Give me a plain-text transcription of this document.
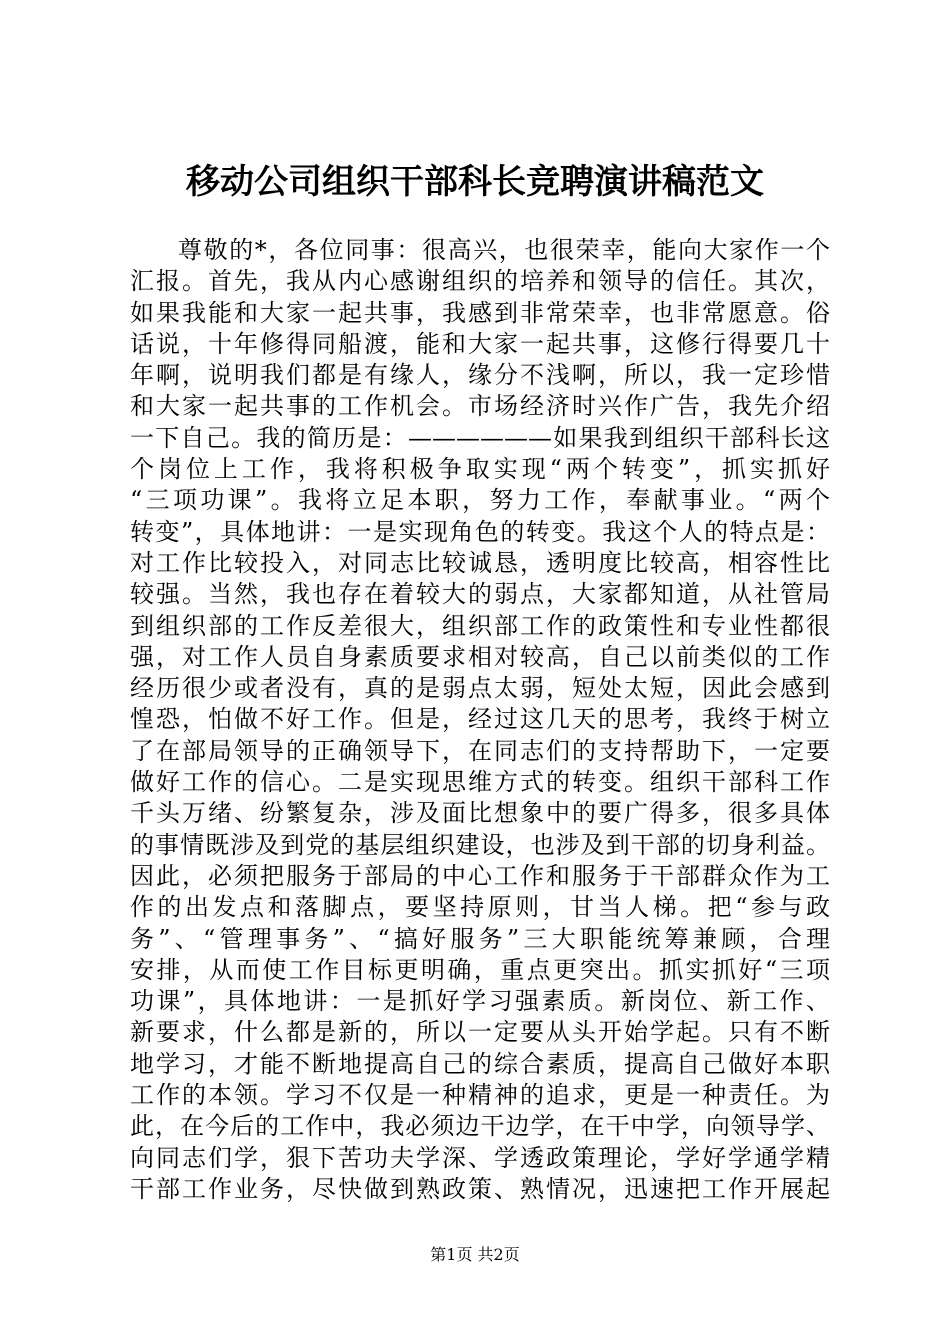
移动公司组织干部科长竞聘演讲稿范文
尊敬的*，各位同事：很高兴，也很荣幸，能向大家作一个
汇报。首先，我从内心感谢组织的培养和领导的信任。其次，
如果我能和大家一起共事，我感到非常荣幸，也非常愿意。俗
话说，十年修得同船渡，能和大家一起共事，这修行得要几十
年啊，说明我们都是有缘人，缘分不浅啊，所以，我一定珍惜
和大家一起共事的工作机会。市场经济时兴作广告，我先介绍
一下自己。我的简历是：——————如果我到组织干部科长这
个岗位上工作，我将积极争取实现“两个转变”，抓实抓好
“三项功课”。我将立足本职，努力工作，奉献事业。“两个
转变”，具体地讲：一是实现角色的转变。我这个人的特点是：
对工作比较投入，对同志比较诚恳，透明度比较高，相容性比
较强。当然，我也存在着较大的弱点，大家都知道，从社管局
到组织部的工作反差很大，组织部工作的政策性和专业性都很
强，对工作人员自身素质要求相对较高，自己以前类似的工作
经历很少或者没有，真的是弱点太弱，短处太短，因此会感到
惶恐，怕做不好工作。但是，经过这几天的思考，我终于树立
了在部局领导的正确领导下，在同志们的支持帮助下，一定要
做好工作的信心。二是实现思维方式的转变。组织干部科工作
千头万绪、纷繁复杂，涉及面比想象中的要广得多，很多具体
的事情既涉及到党的基层组织建设，也涉及到干部的切身利益。
因此，必须把服务于部局的中心工作和服务于干部群众作为工
作的出发点和落脚点，要坚持原则，甘当人梯。把“参与政
务”、“管理事务”、“搞好服务”三大职能统筹兼顾，合理
安排，从而使工作目标更明确，重点更突出。抓实抓好“三项
功课”，具体地讲：一是抓好学习强素质。新岗位、新工作、
新要求，什么都是新的，所以一定要从头开始学起。只有不断
地学习，才能不断地提高自己的综合素质，提高自己做好本职
工作的本领。学习不仅是一种精神的追求，更是一种责任。为
此，在今后的工作中，我必须边干边学，在干中学，向领导学、
向同志们学，狠下苦功夫学深、学透政策理论，学好学通学精
干部工作业务，尽快做到熟政策、熟情况，迅速把工作开展起
第1页 共2页
